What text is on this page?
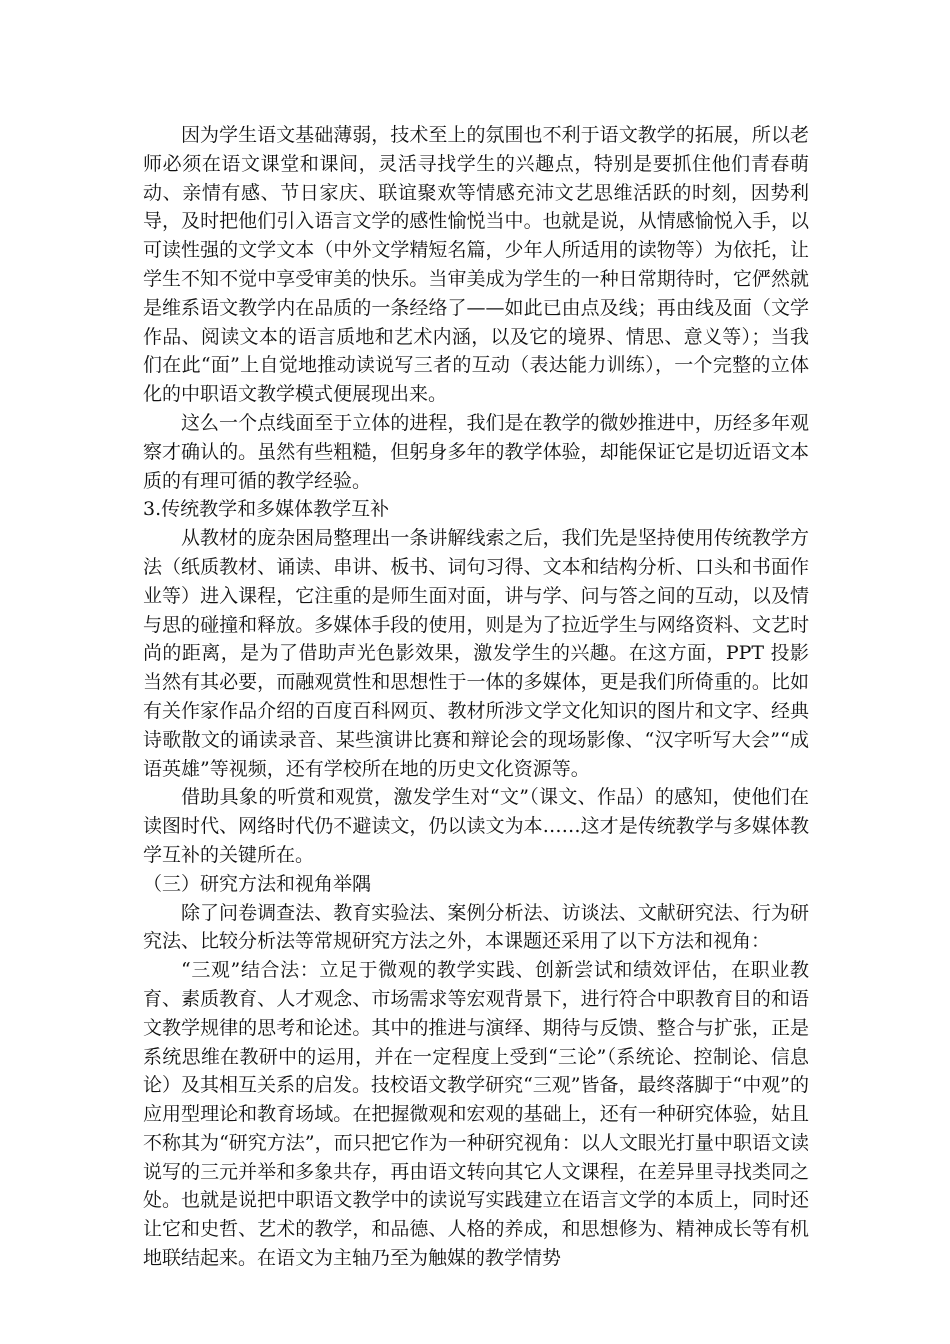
因为学生语文基础薄弱，技术至上的氛围也不利于语文教学的拓展，所以老师必须在语文课堂和课间，灵活寻找学生的兴趣点，特别是要抓住他们青春萌动、亲情有感、节日家庆、联谊聚欢等情感充沛文艺思维活跃的时刻，因势利导，及时把他们引入语言文学的感性愉悦当中。也就是说，从情感愉悦入手，以可读性强的文学文本（中外文学精短名篇，少年人所适用的读物等）为依托，让学生不知不觉中享受审美的快乐。当审美成为学生的一种日常期待时，它俨然就是维系语文教学内在品质的一条经络了——如此已由点及线；再由线及面（文学作品、阅读文本的语言质地和艺术内涵，以及它的境界、情思、意义等）；当我们在此“面”上自觉地推动读说写三者的互动（表达能力训练），一个完整的立体化的中职语文教学模式便展现出来。

这么一个点线面至于立体的进程，我们是在教学的微妙推进中，历经多年观察才确认的。虽然有些粗糙，但躬身多年的教学体验，却能保证它是切近语文本质的有理可循的教学经验。

3.传统教学和多媒体教学互补

从教材的庞杂困局整理出一条讲解线索之后，我们先是坚持使用传统教学方法（纸质教材、诵读、串讲、板书、词句习得、文本和结构分析、口头和书面作业等）进入课程，它注重的是师生面对面，讲与学、问与答之间的互动，以及情与思的碰撞和释放。多媒体手段的使用，则是为了拉近学生与网络资料、文艺时尚的距离，是为了借助声光色影效果，激发学生的兴趣。在这方面，PPT 投影当然有其必要，而融观赏性和思想性于一体的多媒体，更是我们所倚重的。比如有关作家作品介绍的百度百科网页、教材所涉文学文化知识的图片和文字、经典诗歌散文的诵读录音、某些演讲比赛和辩论会的现场影像、“汉字听写大会”“成语英雄”等视频，还有学校所在地的历史文化资源等。

借助具象的听赏和观赏，激发学生对“文”（课文、作品）的感知，使他们在读图时代、网络时代仍不避读文，仍以读文为本……这才是传统教学与多媒体教学互补的关键所在。

（三）研究方法和视角举隅

除了问卷调查法、教育实验法、案例分析法、访谈法、文献研究法、行为研究法、比较分析法等常规研究方法之外，本课题还采用了以下方法和视角：

“三观”结合法：立足于微观的教学实践、创新尝试和绩效评估，在职业教育、素质教育、人才观念、市场需求等宏观背景下，进行符合中职教育目的和语文教学规律的思考和论述。其中的推进与演绎、期待与反馈、整合与扩张，正是系统思维在教研中的运用，并在一定程度上受到“三论”（系统论、控制论、信息论）及其相互关系的启发。技校语文教学研究“三观”皆备，最终落脚于“中观”的应用型理论和教育场域。在把握微观和宏观的基础上，还有一种研究体验，姑且不称其为“研究方法”，而只把它作为一种研究视角：以人文眼光打量中职语文读说写的三元并举和多象共存，再由语文转向其它人文课程，在差异里寻找类同之处。也就是说把中职语文教学中的读说写实践建立在语言文学的本质上，同时还让它和史哲、艺术的教学，和品德、人格的养成，和思想修为、精神成长等有机地联结起来。在语文为主轴乃至为触媒的教学情势
